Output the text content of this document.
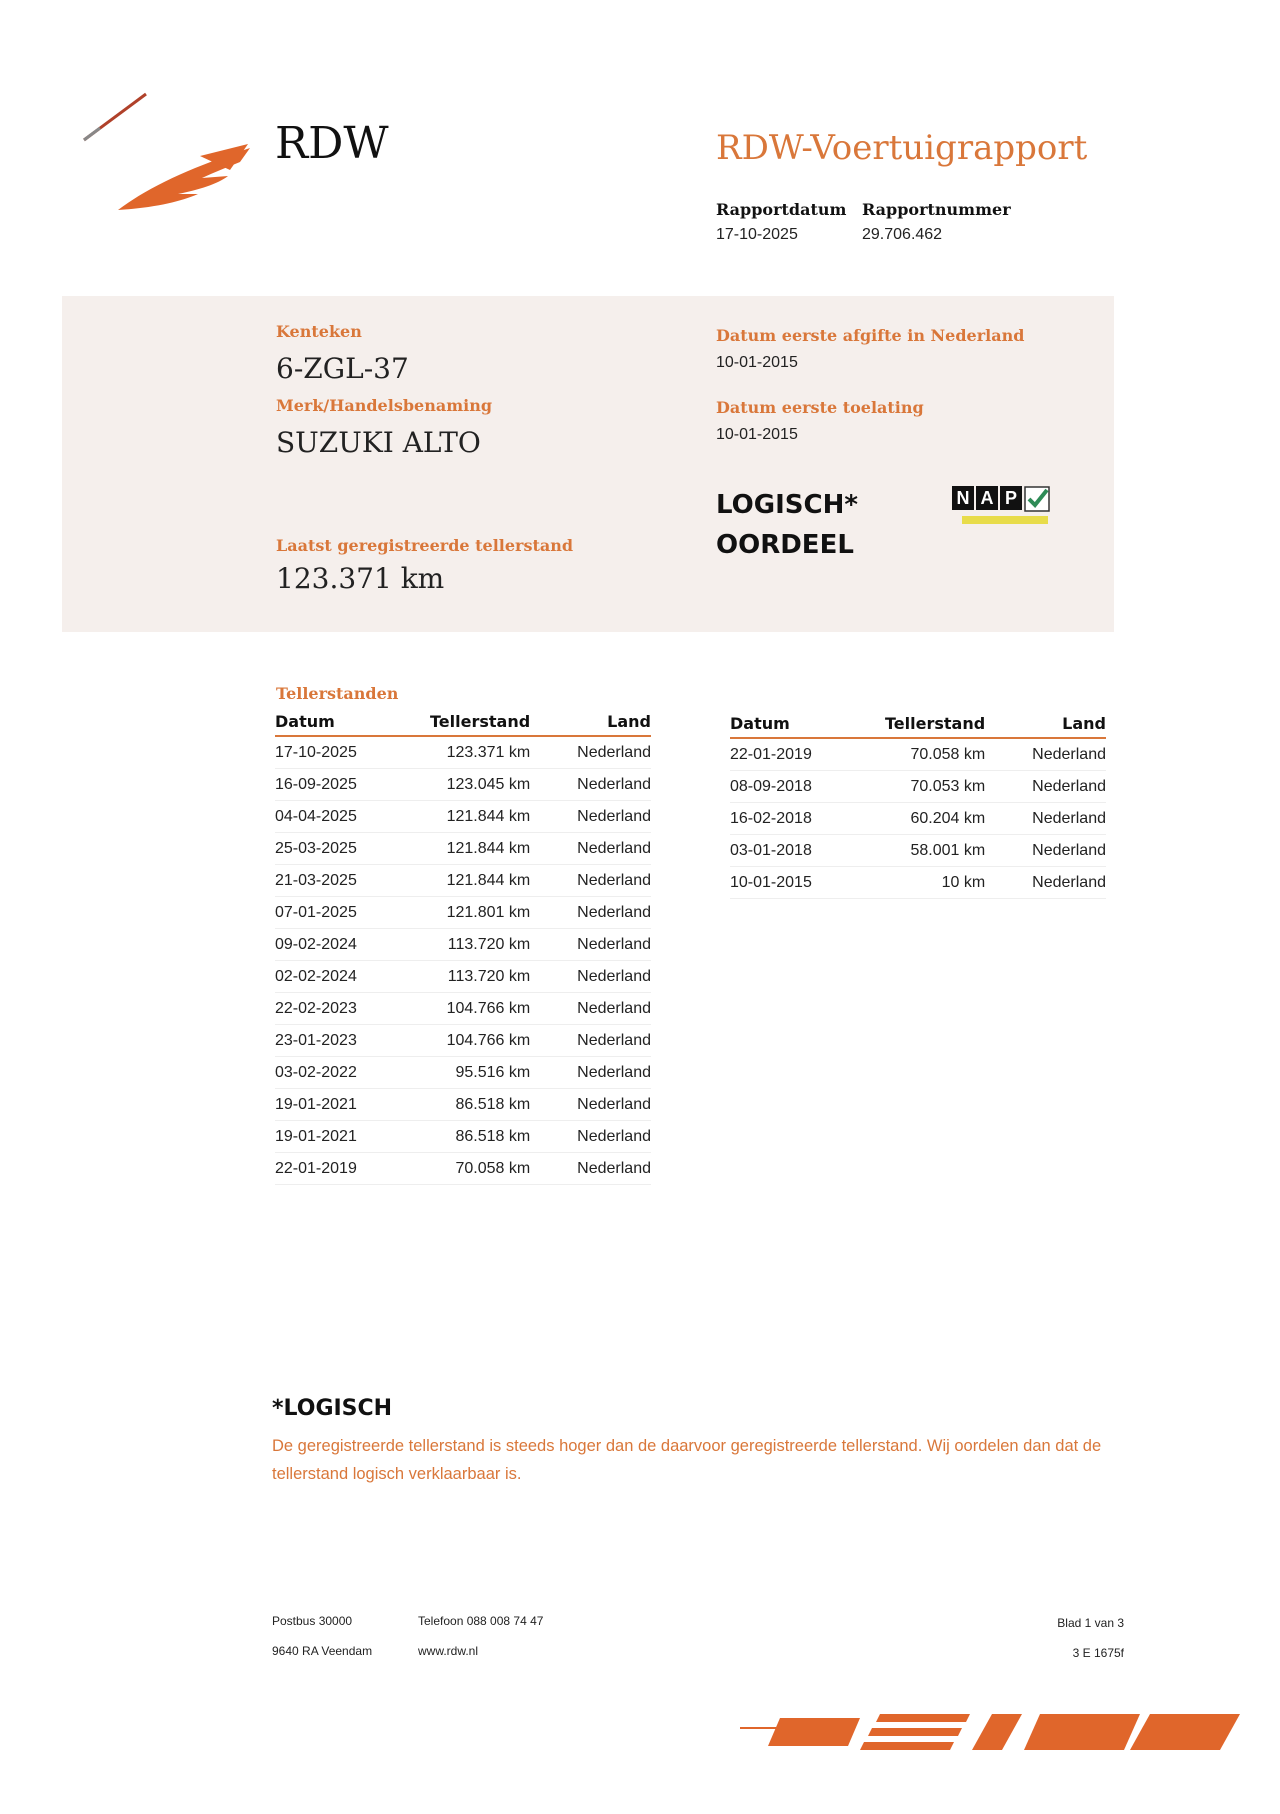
RDW	RDW-Voertuigrapport
Rapportdatum
17-10-2025
Rapportnummer
29.706.462
Kenteken
6-ZGL-37
Merk/Handelsbenaming
SUZUKI ALTO
Laatst geregistreerde tellerstand
123.371 km
Datum eerste afgifte in Nederland
10-01-2015
Datum eerste toelating
10-01-2015
LOGISCH*
OORDEEL
N A P
Tellerstanden
Datum	Tellerstand	Land
17-10-2025	123.371 km	Nederland
16-09-2025	123.045 km	Nederland
04-04-2025	121.844 km	Nederland
25-03-2025	121.844 km	Nederland
21-03-2025	121.844 km	Nederland
07-01-2025	121.801 km	Nederland
09-02-2024	113.720 km	Nederland
02-02-2024	113.720 km	Nederland
22-02-2023	104.766 km	Nederland
23-01-2023	104.766 km	Nederland
03-02-2022	95.516 km	Nederland
19-01-2021	86.518 km	Nederland
19-01-2021	86.518 km	Nederland
22-01-2019	70.058 km	Nederland
Datum	Tellerstand	Land
22-01-2019	70.058 km	Nederland
08-09-2018	70.053 km	Nederland
16-02-2018	60.204 km	Nederland
03-01-2018	58.001 km	Nederland
10-01-2015	10 km	Nederland
*LOGISCH
De geregistreerde tellerstand is steeds hoger dan de daarvoor geregistreerde tellerstand. Wij oordelen dan dat de tellerstand logisch verklaarbaar is.
Postbus 30000
9640 RA Veendam
Telefoon 088 008 74 47
www.rdw.nl
Blad 1 van 3
3 E 1675f
